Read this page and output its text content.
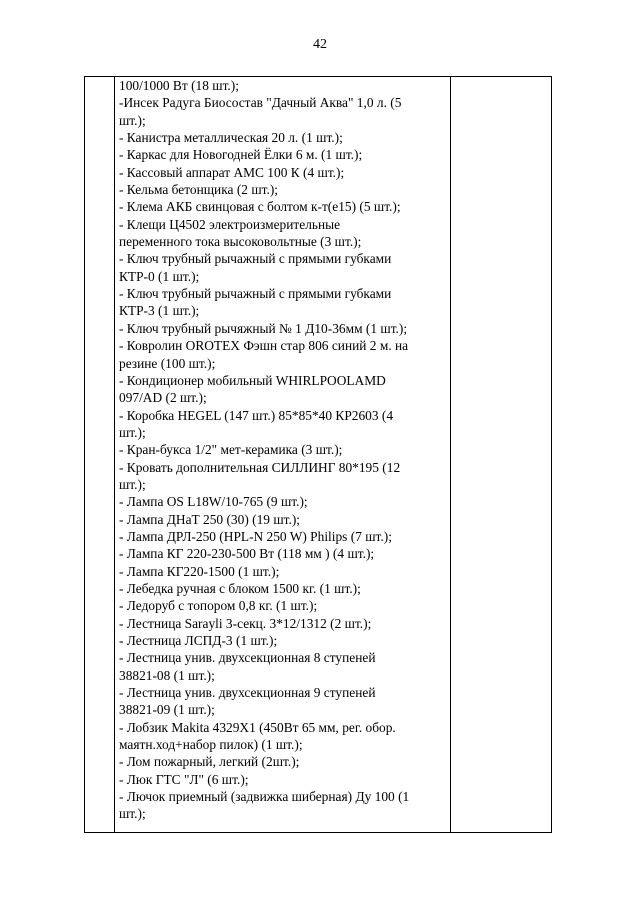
42
100/1000 Вт (18 шт.);
-Инсек Радуга Биосостав "Дачный Аква" 1,0 л. (5
шт.);
- Канистра металлическая 20 л. (1 шт.);
- Каркас для Новогодней Ёлки 6 м. (1 шт.);
- Кассовый аппарат АМС 100 К (4 шт.);
- Кельма бетонщика (2 шт.);
- Клема АКБ свинцовая с болтом к-т(е15) (5 шт.);
- Клещи Ц4502 электроизмерительные
переменного тока высоковольтные (3 шт.);
- Ключ трубный рычажный с прямыми губками
КТР-0 (1 шт.);
- Ключ трубный рычажный с прямыми губками
КТР-3 (1 шт.);
- Ключ трубный рычяжный № 1 Д10-36мм (1 шт.);
- Ковролин OROTEX Фэшн стар 806 синий 2 м. на
резине (100 шт.);
- Кондиционер мобильный WHIRLPOOLAMD
097/AD (2 шт.);
- Коробка HEGEL (147 шт.) 85*85*40 КР2603 (4
шт.);
- Кран-букса 1/2" мет-керамика (3 шт.);
- Кровать дополнительная СИЛЛИНГ 80*195 (12
шт.);
- Лампа OS L18W/10-765 (9 шт.);
- Лампа ДНаТ 250 (30) (19 шт.);
- Лампа ДРЛ-250 (HPL-N 250 W) Philips (7 шт.);
- Лампа КГ 220-230-500 Вт (118 мм ) (4 шт.);
- Лампа КГ220-1500 (1 шт.);
- Лебедка ручная с блоком 1500 кг. (1 шт.);
- Ледоруб с топором 0,8 кг. (1 шт.);
- Лестница Sarayli 3-секц. 3*12/1312 (2 шт.);
- Лестница ЛСПД-3 (1 шт.);
- Лестница унив. двухсекционная 8 ступеней
38821-08 (1 шт.);
- Лестница унив. двухсекционная 9 ступеней
38821-09 (1 шт.);
- Лобзик Makita 4329X1 (450Вт 65 мм, рег. обор.
маятн.ход+набор пилок) (1 шт.);
- Лом пожарный, легкий (2шт.);
- Люк ГТС "Л" (6 шт.);
- Лючок приемный (задвижка шиберная) Ду 100 (1
шт.);
